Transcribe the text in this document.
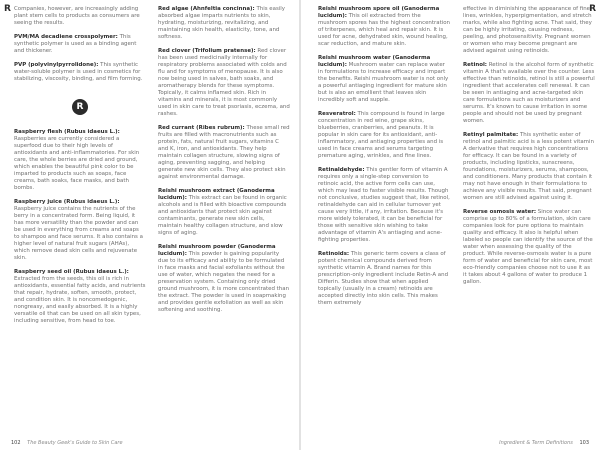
R	R

Companies, however, are increasingly adding plant stem cells to products as consumers are seeing the results.

PVM/MA decadiene crosspolymer: This synthetic polymer is used as a binding agent and thickener.

PVP (polyvinylpyrrolidone): This synthetic water-soluble polymer is used in cosmetics for stabilizing, viscosity, binding, and film forming.

R

Raspberry flesh (Rubus idaeus L.): Raspberries are currently considered a superfood due to their high levels of antioxidants and anti-inflammatories. For skin care, the whole berries are dried and ground, which enables the beautiful pink color to be imparted to products such as soaps, face creams, bath soaks, face masks, and bath bombs.

Raspberry juice (Rubus idaeus L.): Raspberry juice contains the nutrients of the berry in a concentrated form. Being liquid, it has more versatility than the powder and can be used in everything from creams and soaps to shampoo and face serums. It also contains a higher level of natural fruit sugars (AHAs), which remove dead skin cells and rejuvenate skin.

Raspberry seed oil (Rubus idaeus L.): Extracted from the seeds, this oil is rich in antioxidants, essential fatty acids, and nutrients that repair, hydrate, soften, smooth, protect, and condition skin. It is noncomedogenic, nongreasy, and easily absorbed. It is a highly versatile oil that can be used on all skin types, including sensitive, from head to toe.

Red algae (Ahnfeltia concinna): This easily absorbed algae imparts nutrients to skin, hydrating, moisturizing, revitalizing, and maintaining skin health, elasticity, tone, and softness.

Red clover (Trifolium pratense): Red clover has been used medicinally internally for respiratory problems associated with colds and flu and for symptoms of menopause. It is also now being used in salves, bath soaks, and aromatherapy blends for these symptoms. Topically, it calms inflamed skin. Rich in vitamins and minerals, it is most commonly used in skin care to treat psoriasis, eczema, and rashes.

Red currant (Ribes rubrum): These small red fruits are filled with macronutrients such as protein, fats, natural fruit sugars, vitamins C and K, iron, and antioxidants. They help maintain collagen structure, slowing signs of aging, preventing sagging, and helping generate new skin cells. They also protect skin against environmental damage.

Reishi mushroom extract (Ganoderma lucidum): This extract can be found in organic alcohols and is filled with bioactive compounds and antioxidants that protect skin against contaminants, generate new skin cells, maintain healthy collagen structure, and slow signs of aging.

Reishi mushroom powder (Ganoderma lucidum): This powder is gaining popularity due to its efficacy and ability to be formulated in face masks and facial exfoliants without the use of water, which negates the need for a preservation system. Containing only dried ground mushroom, it is more concentrated than the extract. The powder is used in soapmaking and provides gentle exfoliation as well as skin softening and soothing.

Reishi mushroom spore oil (Ganoderma lucidum): This oil extracted from the mushroom spores has the highest concentration of triterpenes, which heal and repair skin. It is used for acne, dehydrated skin, wound healing, scar reduction, and mature skin.

Reishi mushroom water (Ganoderma lucidum): Mushroom water can replace water in formulations to increase efficacy and impart the benefits. Reishi mushroom water is not only a powerful antiaging ingredient for mature skin but is also an emollient that leaves skin incredibly soft and supple.

Resveratrol: This compound is found in large concentration in red wine, grape skins, blueberries, cranberries, and peanuts. It is popular in skin care for its antioxidant, anti-inflammatory, and antiaging properties and is used in face creams and serums targeting premature aging, wrinkles, and fine lines.

Retinaldehyde: This gentler form of vitamin A requires only a single-step conversion to retinoic acid, the active form cells can use, which may lead to faster visible results. Though not conclusive, studies suggest that, like retinol, retinaldehyde can aid in cellular turnover yet cause very little, if any, irritation. Because it's more widely tolerated, it can be beneficial for those with sensitive skin wishing to take advantage of vitamin A's antiaging and acne-fighting properties.

Retinoids: This generic term covers a class of potent chemical compounds derived from synthetic vitamin A. Brand names for this prescription-only ingredient include Retin-A and Differin. Studies show that when applied topically (usually in a cream) retinoids are accepted directly into skin cells. This makes them extremely

effective in diminishing the appearance of fine lines, wrinkles, hyperpigmentation, and stretch marks, while also fighting acne. That said, they can be highly irritating, causing redness, peeling, and photosensitivity. Pregnant women or women who may become pregnant are advised against using retinoids.

Retinol: Retinol is the alcohol form of synthetic vitamin A that's available over the counter. Less effective than retinoids, retinol is still a powerful ingredient that accelerates cell renewal. It can be seen in antiaging and acne-targeted skin care formulations such as moisturizers and serums. It's known to cause irritation in some people and should not be used by pregnant women.

Retinyl palmitate: This synthetic ester of retinol and palmitic acid is a less potent vitamin A derivative that requires high concentrations for efficacy. It can be found in a variety of products, including lipsticks, sunscreens, foundations, moisturizers, serums, shampoos, and conditioners. Many products that contain it may not have enough in their formulations to achieve any visible results. That said, pregnant women are still advised against using it.

Reverse osmosis water: Since water can comprise up to 80% of a formulation, skin care companies look for pure options to maintain quality and efficacy. It also is helpful when labeled so people can identify the source of the water when assessing the quality of the product. While reverse-osmosis water is a pure form of water and beneficial for skin care, most eco-friendly companies choose not to use it as it takes about 4 gallons of water to produce 1 gallon.

102 The Beauty Geek's Guide to Skin Care	Ingredient & Term Definitions 103
